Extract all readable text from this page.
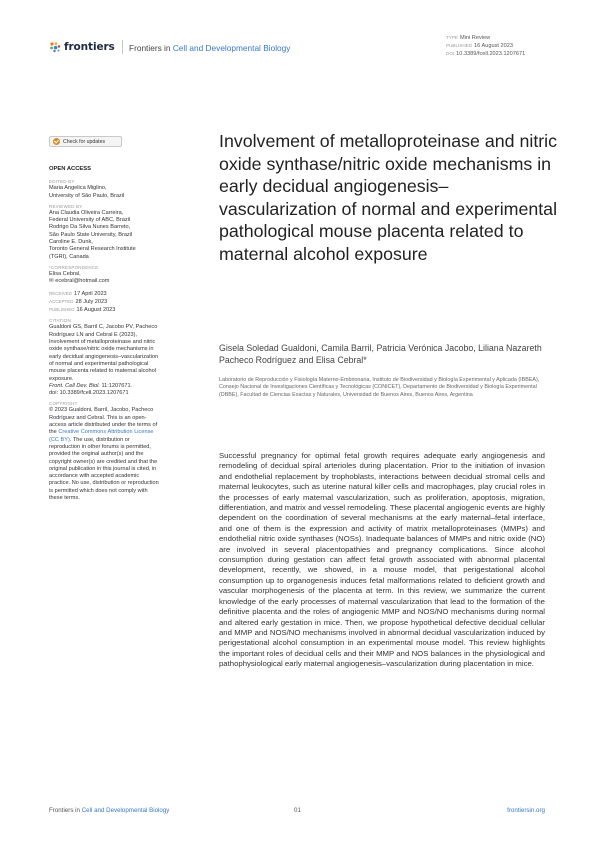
frontiers Frontiers in Cell and Developmental Biology
TYPE Mini Review
PUBLISHED 16 August 2023
DOI 10.3389/fcell.2023.1207671
Check for updates
OPEN ACCESS
EDITED BY
Maria Angelica Miglino,
University of São Paulo, Brazil
REVIEWED BY
Ana Claudia Oliveira Carreira,
Federal University of ABC, Brazil
Rodrigo Da Silva Nunes Barreto,
São Paulo State University, Brazil
Caroline E. Dunk,
Toronto General Research Institute
(TGRI), Canada
*CORRESPONDENCE
Elisa Cebral,
✉ ecebral@hotmail.com
RECEIVED 17 April 2023
ACCEPTED 28 July 2023
PUBLISHED 16 August 2023
CITATION
Gualdoni GS, Barril C, Jacobo PV, Pacheco Rodríguez LN and Cebral E (2023), Involvement of metalloproteinase and nitric oxide synthase/nitric oxide mechanisms in early decidual angiogenesis–vascularization of normal and experimental pathological mouse placenta related to maternal alcohol exposure.
Front. Cell Dev. Biol. 11:1207671.
doi: 10.3389/fcell.2023.1207671
COPYRIGHT
© 2023 Gualdoni, Barril, Jacobo, Pacheco Rodríguez and Cebral. This is an open-access article distributed under the terms of the Creative Commons Attribution License (CC BY). The use, distribution or reproduction in other forums is permitted, provided the original author(s) and the copyright owner(s) are credited and that the original publication in this journal is cited, in accordance with accepted academic practice. No use, distribution or reproduction is permitted which does not comply with these terms.
Involvement of metalloproteinase and nitric oxide synthase/nitric oxide mechanisms in early decidual angiogenesis–vascularization of normal and experimental pathological mouse placenta related to maternal alcohol exposure
Gisela Soledad Gualdoni, Camila Barril, Patricia Verónica Jacobo, Liliana Nazareth Pacheco Rodríguez and Elisa Cebral*
Laboratorio de Reproducción y Fisiología Materno-Embrionaria, Instituto de Biodiversidad y Biología Experimental y Aplicada (IBBEA), Consejo Nacional de Investigaciones Científicas y Tecnológicas (CONICET), Departamento de Biodiversidad y Biología Experimental (DBBE), Facultad de Ciencias Exactas y Naturales, Universidad de Buenos Aires, Buenos Aires, Argentina
Successful pregnancy for optimal fetal growth requires adequate early angiogenesis and remodeling of decidual spiral arterioles during placentation. Prior to the initiation of invasion and endothelial replacement by trophoblasts, interactions between decidual stromal cells and maternal leukocytes, such as uterine natural killer cells and macrophages, play crucial roles in the processes of early maternal vascularization, such as proliferation, apoptosis, migration, differentiation, and matrix and vessel remodeling. These placental angiogenic events are highly dependent on the coordination of several mechanisms at the early maternal–fetal interface, and one of them is the expression and activity of matrix metalloproteinases (MMPs) and endothelial nitric oxide synthases (NOSs). Inadequate balances of MMPs and nitric oxide (NO) are involved in several placentopathies and pregnancy complications. Since alcohol consumption during gestation can affect fetal growth associated with abnormal placental development, recently, we showed, in a mouse model, that perigestational alcohol consumption up to organogenesis induces fetal malformations related to deficient growth and vascular morphogenesis of the placenta at term. In this review, we summarize the current knowledge of the early processes of maternal vascularization that lead to the formation of the definitive placenta and the roles of angiogenic MMP and NOS/NO mechanisms during normal and altered early gestation in mice. Then, we propose hypothetical defective decidual cellular and MMP and NOS/NO mechanisms involved in abnormal decidual vascularization induced by perigestational alcohol consumption in an experimental mouse model. This review highlights the important roles of decidual cells and their MMP and NOS balances in the physiological and pathophysiological early maternal angiogenesis–vascularization during placentation in mice.
Frontiers in Cell and Developmental Biology	01	frontiersin.org
